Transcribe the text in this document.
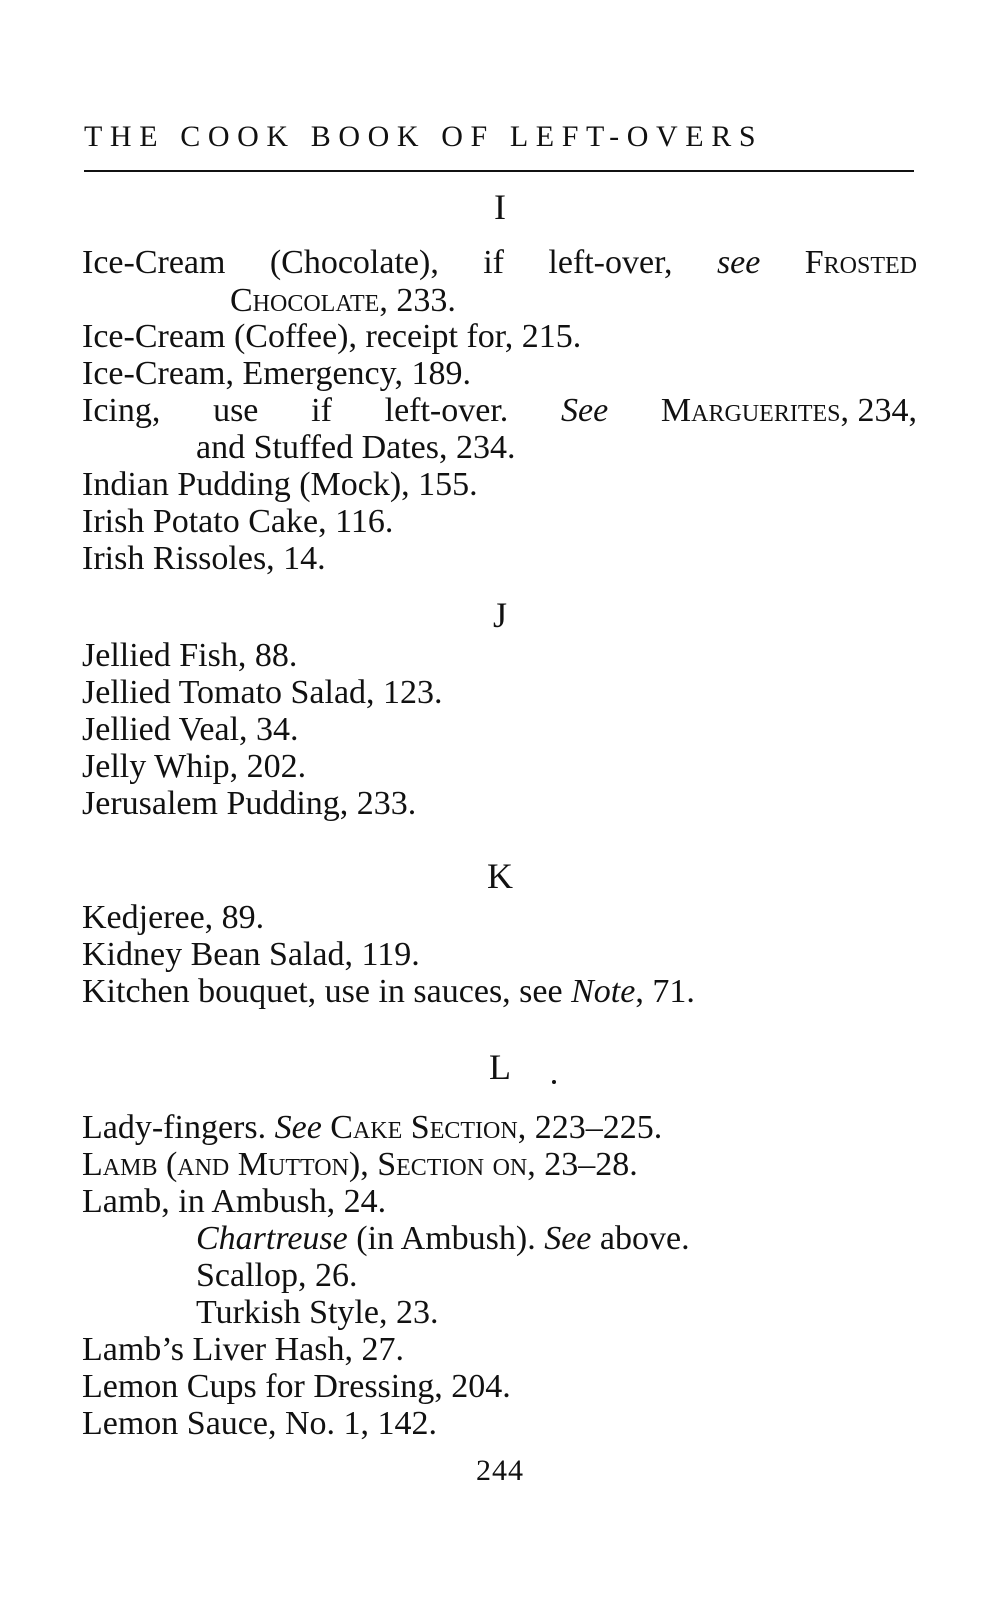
THE COOK BOOK OF LEFT-OVERS
I
Ice-Cream (Chocolate), if left-over, see Frosted
Chocolate, 233.
Ice-Cream (Coffee), receipt for, 215.
Ice-Cream, Emergency, 189.
Icing, use if left-over. See Marguerites, 234,
and Stuffed Dates, 234.
Indian Pudding (Mock), 155.
Irish Potato Cake, 116.
Irish Rissoles, 14.
J
Jellied Fish, 88.
Jellied Tomato Salad, 123.
Jellied Veal, 34.
Jelly Whip, 202.
Jerusalem Pudding, 233.
K
Kedjeree, 89.
Kidney Bean Salad, 119.
Kitchen bouquet, use in sauces, see Note, 71.
L
Lady-fingers. See Cake Section, 223–225.
Lamb (and Mutton), Section on, 23–28.
Lamb, in Ambush, 24.
Chartreuse (in Ambush). See above.
Scallop, 26.
Turkish Style, 23.
Lamb’s Liver Hash, 27.
Lemon Cups for Dressing, 204.
Lemon Sauce, No. 1, 142.
244
